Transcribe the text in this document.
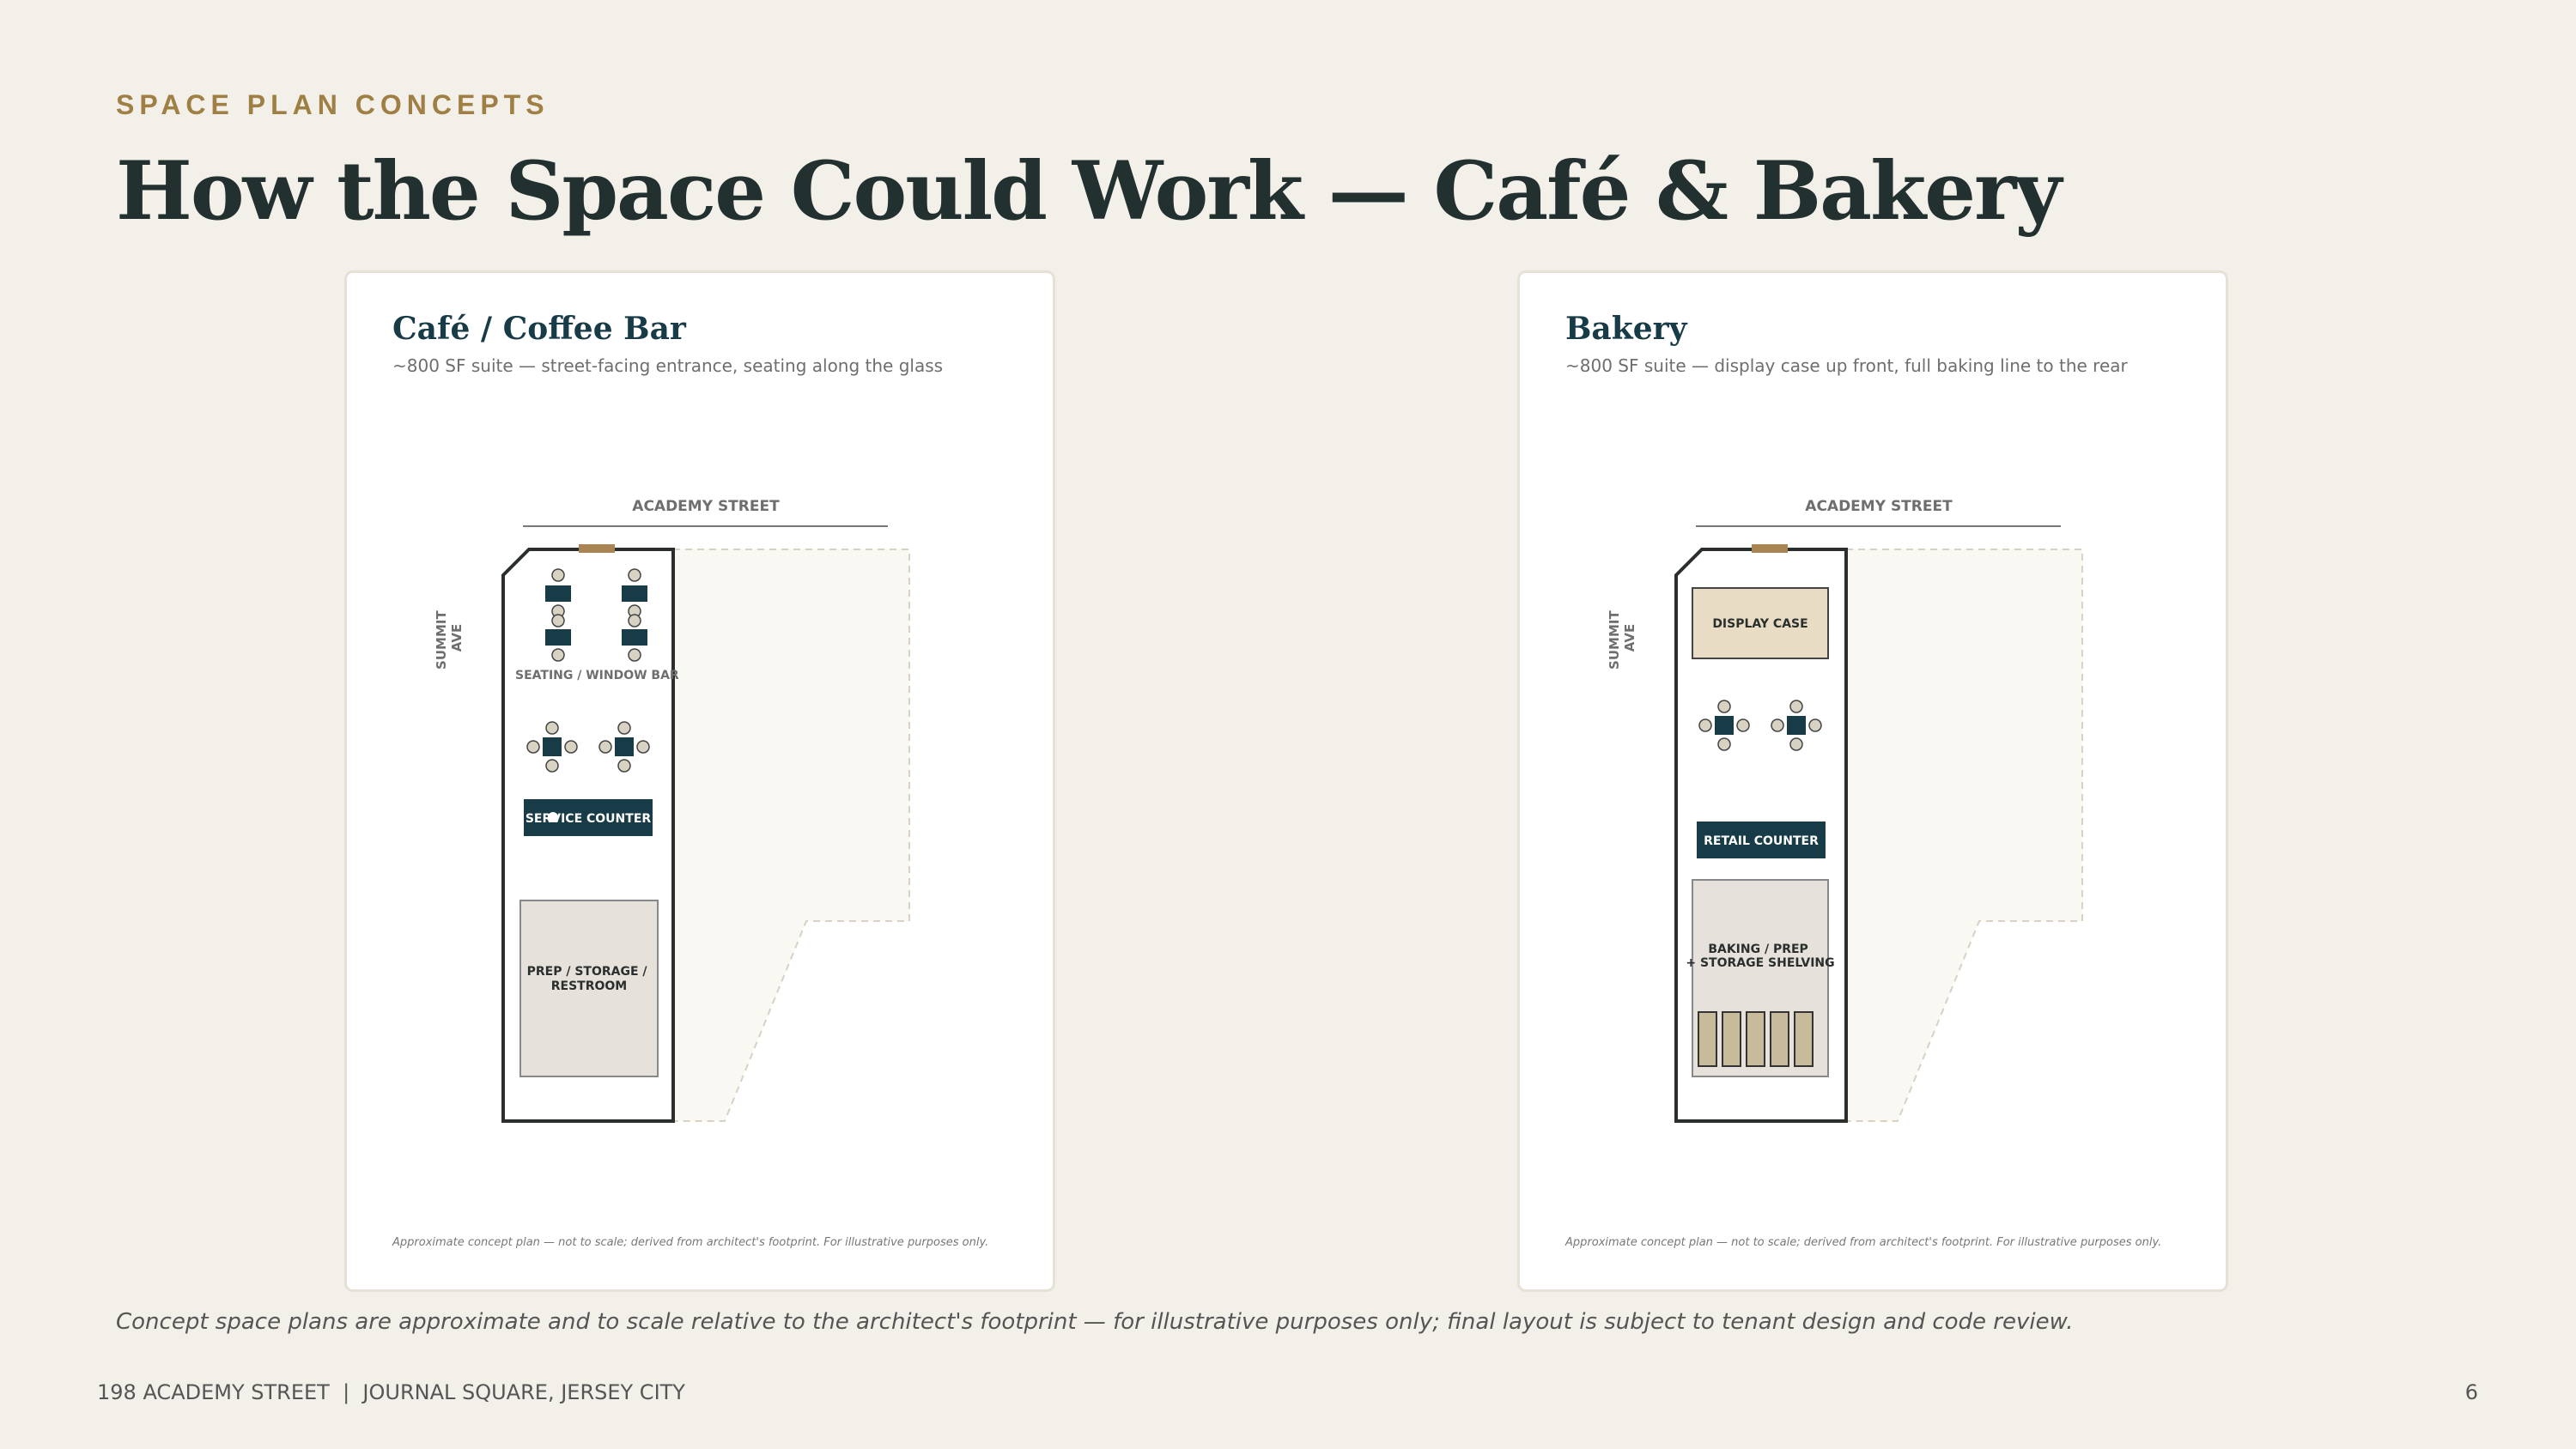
SPACE PLAN CONCEPTS
How the Space Could Work — Café & Bakery
Café / Coffee Bar
~800 SF suite — street-facing entrance, seating along the glass
ACADEMY STREET
SUMMIT AVE
SEATING / WINDOW BAR
SERVICE COUNTER
PREP / STORAGE / RESTROOM
Approximate concept plan — not to scale; derived from architect's footprint. For illustrative purposes only.
Bakery
~800 SF suite — display case up front, full baking line to the rear
ACADEMY STREET
SUMMIT AVE	DISPLAY CASE
RETAIL COUNTER
BAKING / PREP + STORAGE SHELVING
Approximate concept plan — not to scale; derived from architect's footprint. For illustrative purposes only.
Concept space plans are approximate and to scale relative to the architect's footprint — for illustrative purposes only; final layout is subject to tenant design and code review.
198 ACADEMY STREET  |  JOURNAL SQUARE, JERSEY CITY	6
